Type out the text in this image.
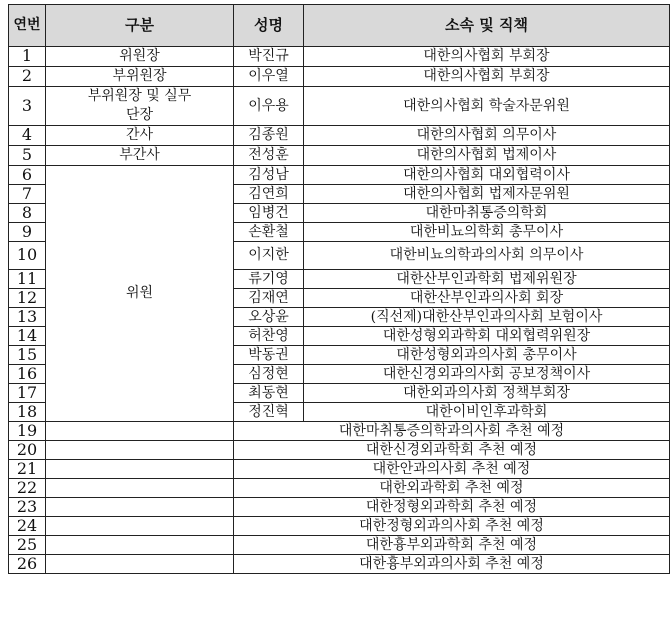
연번	구분	성명	소속 및 직책
1	위원장	박진규	대한의사협회 부회장
2	부위원장	이우열	대한의사협회 부회장
3	부위원장 및 실무단장	이우용	대한의사협회 학술자문위원
4	간사	김종원	대한의사협회 의무이사
5	부간사	전성훈	대한의사협회 법제이사
6	위원	김성남	대한의사협회 대외협력이사
7		김연희	대한의사협회 법제자문위원
8		임병건	대한마취통증의학회
9		손환철	대한비뇨의학회 총무이사
10		이지한	대한비뇨의학과의사회 의무이사
11		류기영	대한산부인과학회 법제위원장
12		김재연	대한산부인과의사회 회장
13		오상윤	(직선제)대한산부인과의사회 보험이사
14		허찬영	대한성형외과학회 대외협력위원장
15		박동권	대한성형외과의사회 총무이사
16		심정현	대한신경외과의사회 공보정책이사
17		최동현	대한외과의사회 정책부회장
18		정진혁	대한이비인후과학회
19		대한마취통증의학과의사회 추천 예정	
20		대한신경외과학회 추천 예정	
21		대한안과의사회 추천 예정	
22		대한외과학회 추천 예정	
23		대한정형외과학회 추천 예정	
24		대한정형외과의사회 추천 예정	
25		대한흉부외과학회 추천 예정	
26		대한흉부외과의사회 추천 예정	
